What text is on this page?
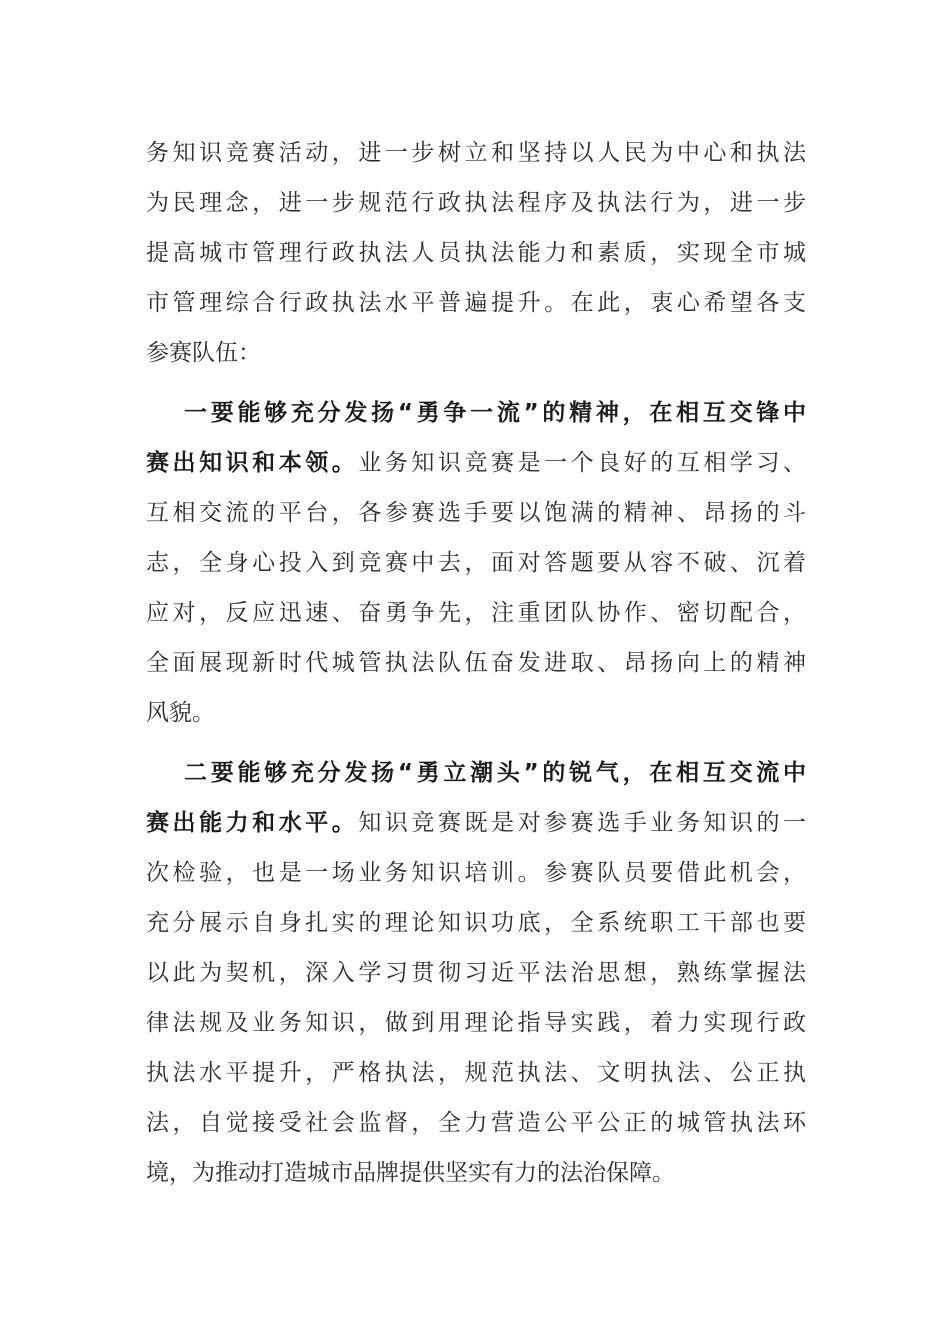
务知识竞赛活动，进一步树立和坚持以人民为中心和执法
为民理念，进一步规范行政执法程序及执法行为，进一步
提高城市管理行政执法人员执法能力和素质，实现全市城
市管理综合行政执法水平普遍提升。在此，衷心希望各支
参赛队伍：
一要能够充分发扬“勇争一流”的精神，在相互交锋中
赛出知识和本领。业务知识竞赛是一个良好的互相学习、
互相交流的平台，各参赛选手要以饱满的精神、昂扬的斗
志，全身心投入到竞赛中去，面对答题要从容不破、沉着
应对，反应迅速、奋勇争先，注重团队协作、密切配合，
全面展现新时代城管执法队伍奋发进取、昂扬向上的精神
风貌。
二要能够充分发扬“勇立潮头”的锐气，在相互交流中
赛出能力和水平。知识竞赛既是对参赛选手业务知识的一
次检验，也是一场业务知识培训。参赛队员要借此机会，
充分展示自身扎实的理论知识功底，全系统职工干部也要
以此为契机，深入学习贯彻习近平法治思想，熟练掌握法
律法规及业务知识，做到用理论指导实践，着力实现行政
执法水平提升，严格执法，规范执法、文明执法、公正执
法，自觉接受社会监督，全力营造公平公正的城管执法环
境，为推动打造城市品牌提供坚实有力的法治保障。
